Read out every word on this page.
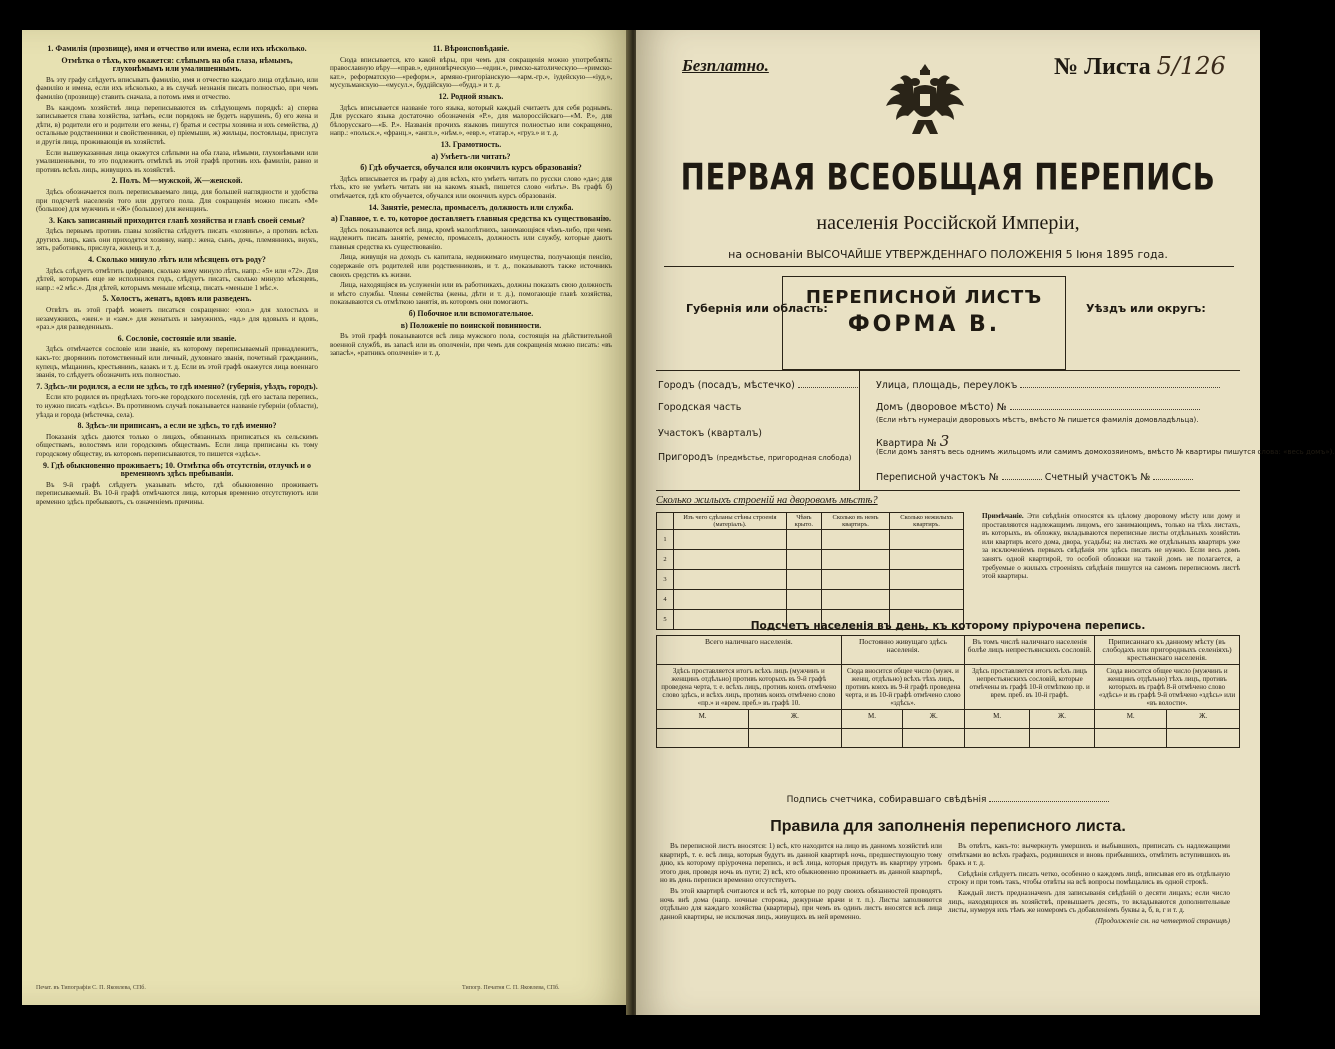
1. Фамилія (прозвище), имя и отчество или имена, если ихъ нѣсколько.

Отмѣтка о тѣхъ, кто окажется: слѣпымъ на оба глаза, нѣмымъ, глухонѣмымъ или умалишеннымъ.

Въ эту графу слѣдуетъ вписывать фамилію, имя и отчество каждаго лица отдѣльно, или фамилію и имена, если ихъ нѣсколько, а въ случаѣ незнанія писать полностью, при чемъ фамилію (прозвище) ставить сначала, а потомъ имя и отчество.

Въ каждомъ хозяйствѣ лица переписываются въ слѣдующемъ порядкѣ: а) сперва записывается глава хозяйства, затѣмъ, если порядокъ не будетъ нарушенъ, б) его жена и дѣти, в) родители его и родители его жены, г) братья и сестры хозяина и ихъ семейства, д) остальные родственники и свойственники, е) пріемыши, ж) жильцы, постояльцы, прислуга и другія лица, проживающія въ хозяйствѣ.

Если вышеуказанныя лица окажутся слѣпыми на оба глаза, нѣмыми, глухонѣмыми или умалишенными, то это подлежитъ отмѣткѣ въ этой графѣ противъ ихъ фамиліи, равно и противъ всѣхъ лицъ, живущихъ въ хозяйствѣ.

2. Полъ. М—мужской, Ж—женской.

Здѣсь обозначается полъ переписываемаго лица, для большей наглядности и удобства при подсчетѣ населенія того или другого пола. Для сокращенія можно писать «М» (большое) для мужчинъ и «Ж» (большое) для женщинъ.

3. Какъ записанный приходится главѣ хозяйства и главѣ своей семьи?

Здѣсь первымъ противъ главы хозяйства слѣдуетъ писать «хозяинъ», а противъ всѣхъ другихъ лицъ, какъ они приходятся хозяину, напр.: жена, сынъ, дочь, племянникъ, внукъ, зять, работникъ, прислуга, жилецъ и т. д.

4. Сколько минуло лѣтъ или мѣсяцевъ отъ роду?

Здѣсь слѣдуетъ отмѣтить цифрами, сколько кому минуло лѣтъ, напр.: «5» или «72». Для дѣтей, которымъ еще не исполнился годъ, слѣдуетъ писать, сколько минуло мѣсяцевъ, напр.: «2 мѣс.». Для дѣтей, которымъ меньше мѣсяца, писать «меньше 1 мѣс.».

5. Холостъ, женатъ, вдовъ или разведенъ.

Отвѣтъ въ этой графѣ можетъ писаться сокращенно: «хол.» для холостыхъ и незамужнихъ, «жен.» и «зам.» для женатыхъ и замужнихъ, «вд.» для вдовыхъ и вдовъ, «раз.» для разведенныхъ.

6. Сословіе, состояніе или званіе.

Здѣсь отмѣчается сословіе или званіе, къ которому переписываемый принадлежитъ, какъ-то: дворянинъ потомственный или личный, духовнаго званія, почетный гражданинъ, купецъ, мѣщанинъ, крестьянинъ, казакъ и т. д. Если въ этой графѣ окажутся лица военнаго званія, то слѣдуетъ обозначить ихъ полностью.

7. Здѣсь-ли родился, а если не здѣсь, то гдѣ именно? (губернія, уѣздъ, городъ).

Если кто родился въ предѣлахъ того-же городского поселенія, гдѣ его застала перепись, то нужно писать «здѣсь». Въ противномъ случаѣ показывается названіе губерніи (области), уѣзда и города (мѣстечка, села).

8. Здѣсь-ли приписанъ, а если не здѣсь, то гдѣ именно?

Показанія здѣсь даются только о лицахъ, обязанныхъ приписаться къ сельскимъ обществамъ, волостямъ или городскимъ обществамъ. Если лица приписаны къ тому городскому обществу, въ которомъ переписываются, то пишется «здѣсь».

9. Гдѣ обыкновенно проживаетъ; 10. Отмѣтка объ отсутствіи, отлучкѣ и о временномъ здѣсь пребываніи.

Въ 9-й графѣ слѣдуетъ указывать мѣсто, гдѣ обыкновенно проживаетъ переписываемый. Въ 10-й графѣ отмѣчаются лица, которыя временно отсутствуютъ или временно здѣсь пребываютъ, съ означеніемъ причины.

Печат. въ Типографіи С. П. Яковлева, СПб.

11. Вѣроисповѣданіе.

Сюда вписывается, кто какой вѣры, при чемъ для сокращенія можно употреблять: православную вѣру—«прав.», единовѣрческую—«един.», римско-католическую—«римско-кат.», реформатскую—«реформ.», армяно-григоріанскую—«арм.-гр.», іудейскую—«іуд.», мусульманскую—«мусул.», буддійскую—«будд.» и т. д.

12. Родной языкъ.

Здѣсь вписывается названіе того языка, который каждый считаетъ для себя роднымъ. Для русскаго языка достаточно обозначенія «Р.», для малороссійскаго—«М. Р.», для бѣлорусскаго—«Б. Р.». Названія прочихъ языковъ пишутся полностью или сокращенно, напр.: «польск.», «франц.», «англ.», «нѣм.», «евр.», «татар.», «груз.» и т. д.

13. Грамотность.

а) Умѣетъ-ли читать?

б) Гдѣ обучается, обучался или окончилъ курсъ образованія?

Здѣсь вписывается въ графу а) для всѣхъ, кто умѣетъ читать по русски слово «да»; для тѣхъ, кто не умѣетъ читать ни на какомъ языкѣ, пишется слово «нѣтъ». Въ графѣ б) отмѣчается, гдѣ кто обучается, обучался или окончилъ курсъ образованія.

14. Занятіе, ремесла, промыселъ, должность или служба.

а) Главное, т. е. то, которое доставляетъ главныя средства къ существованію.

Здѣсь показываются всѣ лица, кромѣ малолѣтнихъ, занимающіяся чѣмъ-либо, при чемъ надлежитъ писать занятіе, ремесло, промыселъ, должность или службу, которые даютъ главныя средства къ существованію.

Лица, живущія на доходъ съ капитала, недвижимаго имущества, получающія пенсію, содержаніе отъ родителей или родственниковъ, и т. д., показываютъ также источникъ своихъ средствъ къ жизни.

Лица, находящіяся въ услуженіи или въ работникахъ, должны показать свою должность и мѣсто службы. Члены семейства (жены, дѣти и т. д.), помогающіе главѣ хозяйства, показываются съ отмѣткою занятія, въ которомъ они помогаютъ.

б) Побочное или вспомогательное.

в) Положеніе по воинской повинности.

Въ этой графѣ показываются всѣ лица мужского пола, состоящія на дѣйствительной военной службѣ, въ запасѣ или въ ополченіи, при чемъ для сокращенія можно писать: «въ запасѣ», «ратникъ ополченія» и т. д.

Типогр. Печатня С. П. Яковлева, СПб.
Безплатно.	№ Листа 5/126
ПЕРВАЯ ВСЕОБЩАЯ ПЕРЕПИСЬ
населенія Россійской Имперіи,
на основаніи ВЫСОЧАЙШЕ УТВЕРЖДЕННАГО ПОЛОЖЕНІЯ 5 Іюня 1895 года.
Губернія или область:
ПЕРЕПИСНОЙ ЛИСТЪ
ФОРМА В.
Уѣздъ или округъ:
Городъ (посадъ, мѣстечко)
Городская часть
Участокъ (кварталъ)
Пригородъ (предмѣстье, пригородная слобода)
Улица, площадь, переулокъ
Домъ (дворовое мѣсто) №
(Если нѣтъ нумераціи дворовыхъ мѣстъ, вмѣсто № пишется фамилія домовладѣльца).
Квартира № 3
(Если домъ занятъ весь однимъ жильцомъ или самимъ домохозяиномъ, вмѣсто № квартиры пишутся слова: «весь домъ»).
Переписной участокъ №	Счетный участокъ №
Сколько жилыхъ строеній на дворовомъ мѣстѣ?
	Изъ чего сдѣланы стѣны строенія (матеріалъ).	Чѣмъ крыто.	Сколько въ немъ квартиръ.	Сколько нежилыхъ квартиръ.
1				
2				
3				
4				
5				
Примѣчаніе. Эти свѣдѣнія относятся къ цѣлому дворовому мѣсту или дому и проставляются надлежащимъ лицомъ, его занимающимъ, только на тѣхъ листахъ, въ которыхъ, въ обложку, вкладываются переписные листы отдѣльныхъ хозяйствъ или квартиръ всего дома, двора, усадьбы; на листахъ же отдѣльныхъ квартиръ уже за исключеніемъ первыхъ свѣдѣнія эти здѣсь писать не нужно. Если весь домъ занятъ одной квартирой, то особой обложки на такой домъ не полагается, а требуемые о жилыхъ строеніяхъ свѣдѣнія пишутся на самомъ переписномъ листѣ этой квартиры.
Подсчетъ населенія въ день, къ которому пріурочена перепись.
Всего наличнаго населенія.		Постоянно живущаго здѣсь населенія.		Въ томъ числѣ наличнаго населенія болѣе лицъ непрестьянскихъ сословій.		Приписаннаго къ данному мѣсту (въ слободахъ или пригородныхъ селеніяхъ) крестьянскаго населенія.	
Здѣсь проставляется итогъ всѣхъ лицъ (мужчинъ и женщинъ отдѣльно) противъ которыхъ въ 9-й графѣ проведена черта, т. е. всѣхъ лицъ, противъ коихъ отмѣчено слово здѣсь, и всѣхъ лицъ, противъ коихъ отмѣчено слово «пр.» и «врем. преб.» въ графѣ 10.		Сюда вносится общее число (мужч. и женщ. отдѣльно) всѣхъ тѣхъ лицъ, противъ коихъ въ 9-й графѣ проведена черта, и въ 10-й графѣ отмѣчено слово «здѣсь».		Здѣсь проставляется итогъ всѣхъ лицъ непрестьянскихъ сословій, которые отмѣчены въ графѣ 10-й отмѣткою пр. и врем. преб. въ 10-й графѣ.		Сюда вносится общее число (мужчинъ и женщинъ отдѣльно) тѣхъ лицъ, противъ которыхъ въ графѣ 8-й отмѣчено слово «здѣсь» и въ графѣ 9-й отмѣчено «здѣсь» или «въ волости».	
М.	Ж.	М.	Ж.	М.	Ж.	М.	Ж.

Подпись счетчика, собиравшаго свѣдѣнія
Правила для заполненія переписного листа.

Въ переписной листъ вносятся: 1) всѣ, кто находится на лицо въ данномъ хозяйствѣ или квартирѣ, т. е. всѣ лица, которыя будутъ въ данной квартирѣ ночь, предшествующую тому дню, къ которому пріурочена перепись, и всѣ лица, которыя придутъ въ квартиру утромъ этого дня, проведя ночь въ пути; 2) всѣ, кто обыкновенно проживаетъ въ данной квартирѣ, но въ день переписи временно отсутствуетъ.

Въ этой квартирѣ считаются и всѣ тѣ, которые по роду своихъ обязанностей проводятъ ночь внѣ дома (напр. ночные сторожа, дежурные врачи и т. п.). Листы заполняются отдѣльно для каждаго хозяйства (квартиры), при чемъ въ одинъ листъ вносятся всѣ лица данной квартиры, не исключая лицъ, живущихъ въ ней временно.

Въ отвѣтъ, какъ-то: вычеркнуть умершихъ и выбывшихъ, приписать съ надлежащими отмѣтками во всѣхъ графахъ, родившихся и вновь прибывшихъ, отмѣтить вступившихъ въ бракъ и т. д.

Свѣдѣнія слѣдуетъ писать четко, особенно о каждомъ лицѣ, вписывая его въ отдѣльную строку и при томъ такъ, чтобы отвѣты на всѣ вопросы помѣщались въ одной строкѣ.

Каждый листъ предназначенъ для записыванія свѣдѣній о десяти лицахъ; если число лицъ, находящихся въ хозяйствѣ, превышаетъ десять, то вкладываются дополнительные листы, нумеруя ихъ тѣмъ же номеромъ съ добавленіемъ буквы а, б, в, г и т. д.

(Продолженіе см. на четвертой страницѣ)
